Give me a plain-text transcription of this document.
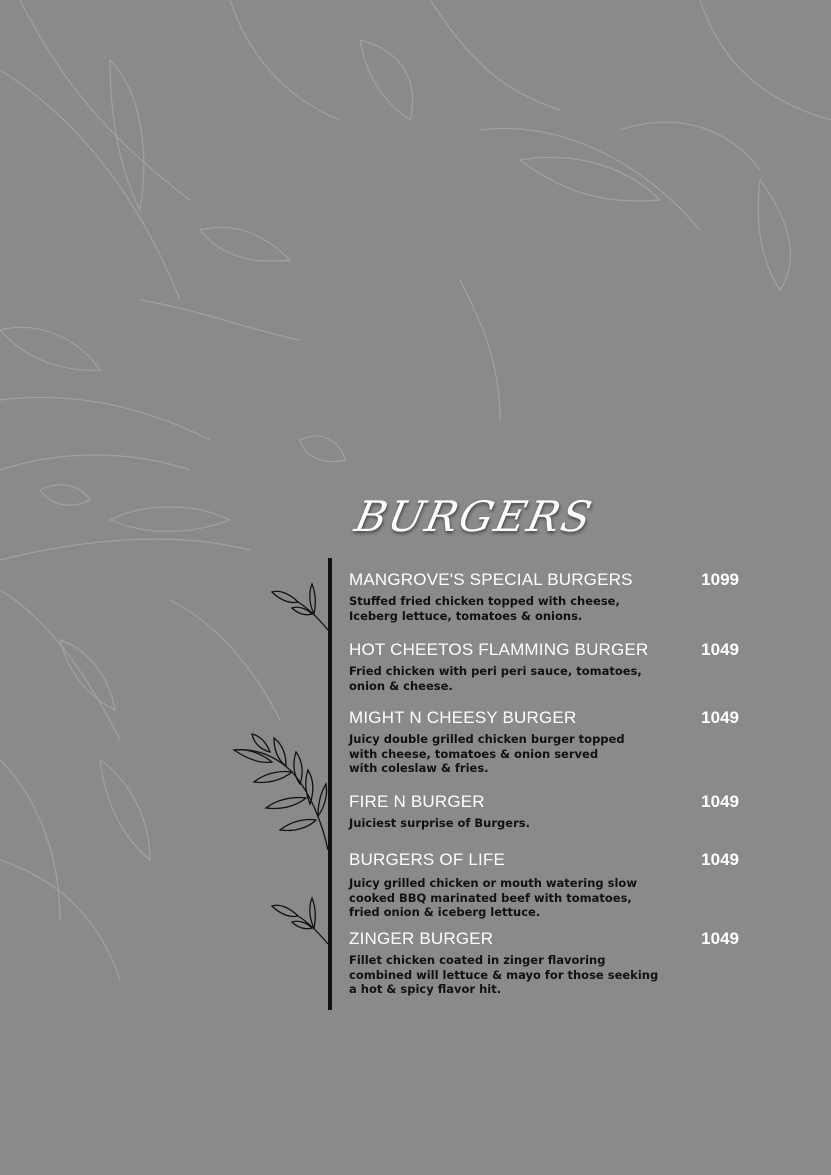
BURGERS
MANGROVE'S SPECIAL BURGERS	1099
Stuffed fried chicken topped with cheese,
Iceberg lettuce, tomatoes & onions.
HOT CHEETOS FLAMMING BURGER	1049
Fried chicken with peri peri sauce, tomatoes,
onion & cheese.
MIGHT N CHEESY BURGER	1049
Juicy double grilled chicken burger topped
with cheese, tomatoes & onion served
with coleslaw & fries.
FIRE N BURGER	1049
Juiciest surprise of Burgers.
BURGERS OF LIFE	1049
Juicy grilled chicken or mouth watering slow
cooked BBQ marinated beef with tomatoes,
fried onion & iceberg lettuce.
ZINGER BURGER	1049
Fillet chicken coated in zinger flavoring
combined will lettuce & mayo for those seeking
a hot & spicy flavor hit.
